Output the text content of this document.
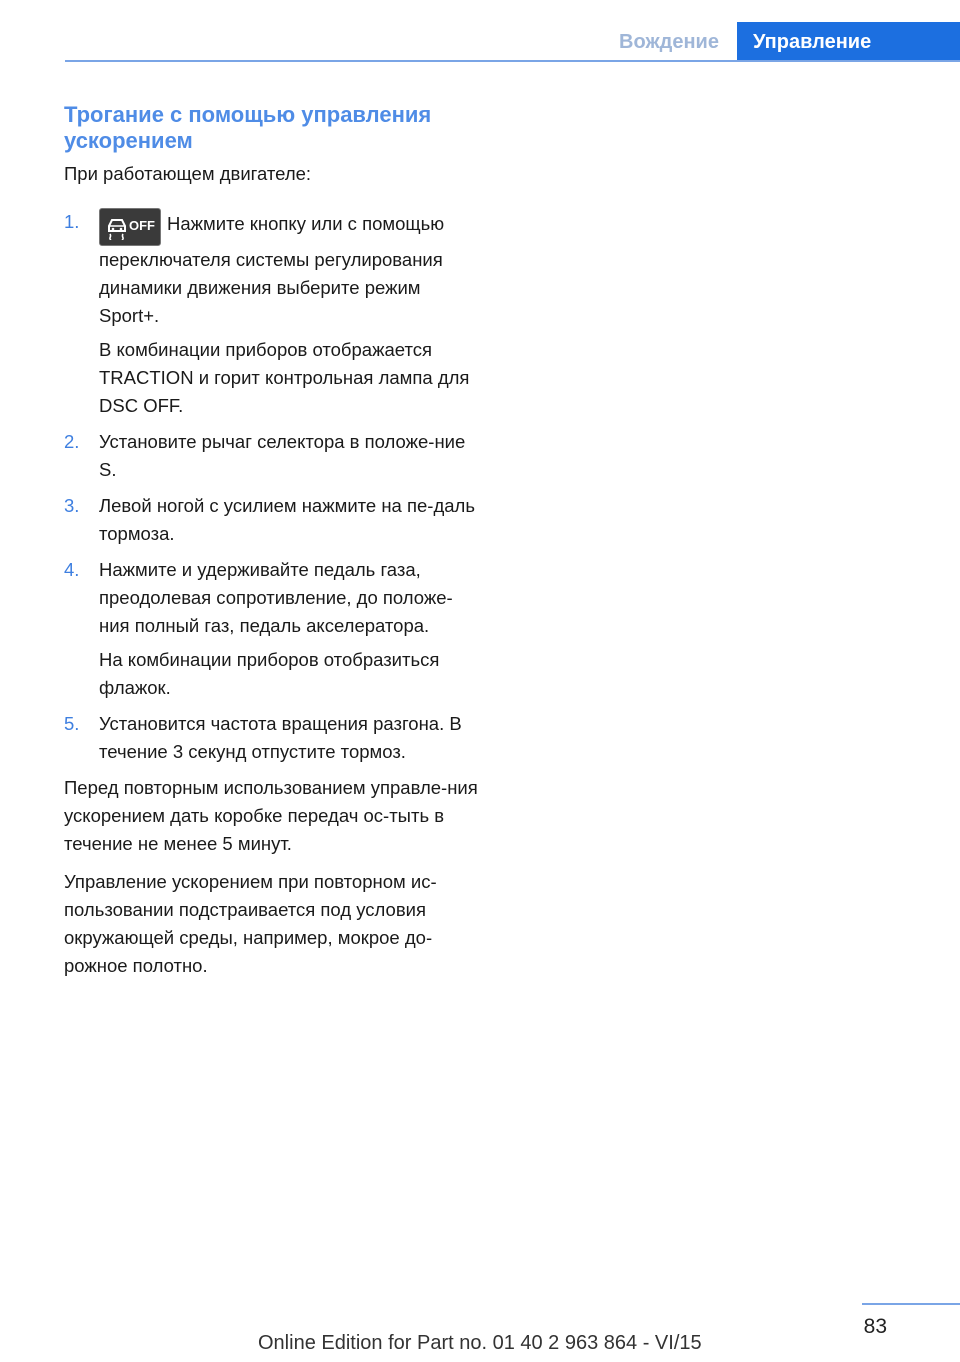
Вождение	Управление
Трогание с помощью управления ускорением
При работающем двигателе:
1.	OFF Нажмите кнопку или с помощью переключателя системы регулирования динамики движения выберите режим Sport+.
В комбинации приборов отображается TRACTION и горит контрольная лампа для DSC OFF.
2. Установите рычаг селектора в положе‐ние S.
3. Левой ногой с усилием нажмите на пе‐даль тормоза.
4. Нажмите и удерживайте педаль газа, преодолевая сопротивление, до положе‐ния полный газ, педаль акселератора.
На комбинации приборов отобразиться флажок.
5. Установится частота вращения разгона. В течение 3 секунд отпустите тормоз.
Перед повторным использованием управле‐ния ускорением дать коробке передач ос‐тыть в течение не менее 5 минут.
Управление ускорением при повторном ис‐пользовании подстраивается под условия окружающей среды, например, мокрое до‐рожное полотно.
83
Online Edition for Part no. 01 40 2 963 864 - VI/15
